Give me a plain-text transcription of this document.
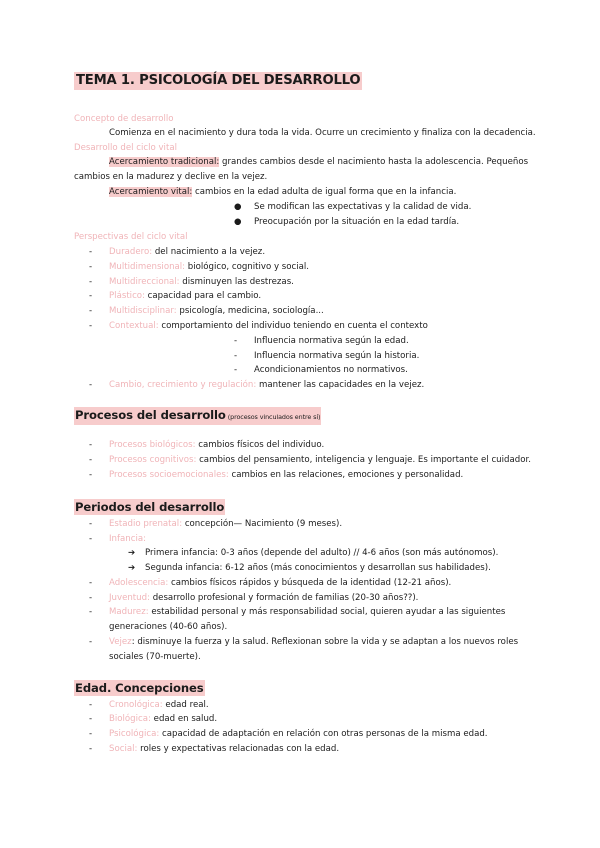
TEMA 1. PSICOLOGÍA DEL DESARROLLO
Concepto de desarrollo
Comienza en el nacimiento y dura toda la vida. Ocurre un crecimiento y finaliza con la decadencia.
Desarrollo del ciclo vital
Acercamiento tradicional: grandes cambios desde el nacimiento hasta la adolescencia. Pequeños
cambios en la madurez y declive en la vejez.
Acercamiento vital: cambios en la edad adulta de igual forma que en la infancia.
● Se modifican las expectativas y la calidad de vida.
● Preocupación por la situación en la edad tardía.
Perspectivas del ciclo vital
- Duradero: del nacimiento a la vejez.
- Multidimensional: biológico, cognitivo y social.
- Multidireccional: disminuyen las destrezas.
- Plástico: capacidad para el cambio.
- Multidisciplinar: psicología, medicina, sociología...
- Contextual: comportamiento del individuo teniendo en cuenta el contexto
- Influencia normativa según la edad.
- Influencia normativa según la historia.
- Acondicionamientos no normativos.
- Cambio, crecimiento y regulación: mantener las capacidades en la vejez.
Procesos del desarrollo (procesos vinculados entre sí)
- Procesos biológicos: cambios físicos del individuo.
- Procesos cognitivos: cambios del pensamiento, inteligencia y lenguaje. Es importante el cuidador.
- Procesos socioemocionales: cambios en las relaciones, emociones y personalidad.
Periodos del desarrollo
- Estadio prenatal: concepción— Nacimiento (9 meses).
- Infancia:
➔ Primera infancia: 0-3 años (depende del adulto) // 4-6 años (son más autónomos).
➔ Segunda infancia: 6-12 años (más conocimientos y desarrollan sus habilidades).
- Adolescencia: cambios físicos rápidos y búsqueda de la identidad (12-21 años).
- Juventud: desarrollo profesional y formación de familias (20-30 años??).
- Madurez: estabilidad personal y más responsabilidad social, quieren ayudar a las siguientes
generaciones (40-60 años).
- Vejez: disminuye la fuerza y la salud. Reflexionan sobre la vida y se adaptan a los nuevos roles
sociales (70-muerte).
Edad. Concepciones
- Cronológica: edad real.
- Biológica: edad en salud.
- Psicológica: capacidad de adaptación en relación con otras personas de la misma edad.
- Social: roles y expectativas relacionadas con la edad.
